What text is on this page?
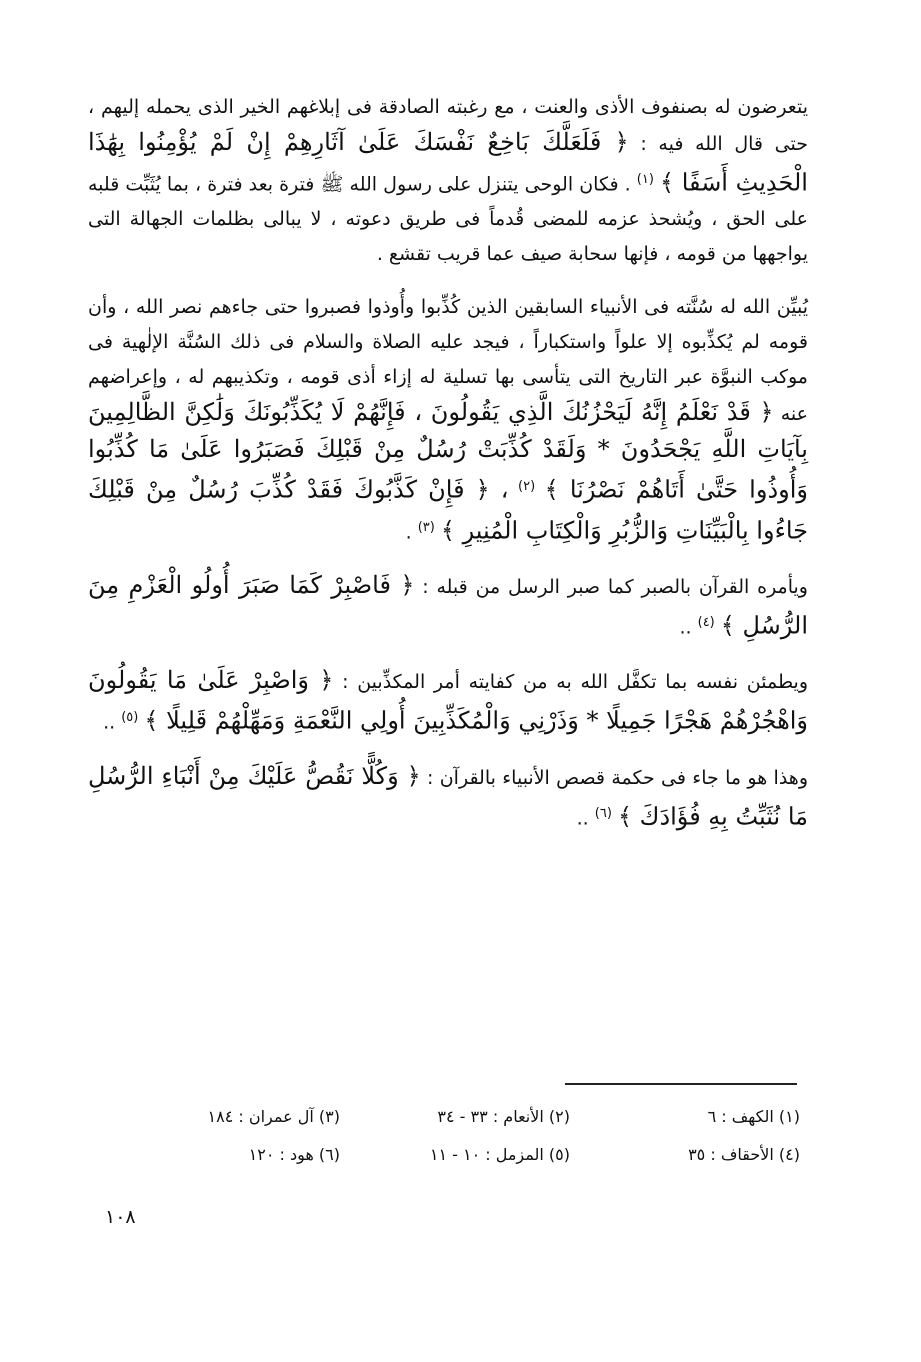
يتعرضون له بصنفوف الأذى والعنت ، مع رغبته الصادقة فى إبلاغهم الخير الذى يحمله إليهم ، حتى قال الله فيه : ﴿ فَلَعَلَّكَ بَاخِعٌ نَفْسَكَ عَلَىٰ آثَارِهِمْ إِنْ لَمْ يُؤْمِنُوا بِهَٰذَا الْحَدِيثِ أَسَفًا ﴾ $^{(١)}$ . فكان الوحى يتنزل على رسول الله ﷺ فترة بعد فترة ، بما يُثَبِّت قلبه على الحق ، ويُشحذ عزمه للمضى قُدماً فى طريق دعوته ، لا يبالى بظلمات الجهالة التى يواجهها من قومه ، فإنها سحابة صيف عما قريب تقشع .

يُبيِّن الله له سُنَّته فى الأنبياء السابقين الذين كُذِّبوا وأُوذوا فصبروا حتى جاءهم نصر الله ، وأن قومه لم يُكذِّبوه إلا علواً واستكباراً ، فيجد عليه الصلاة والسلام فى ذلك السُنَّة الإلٰهية فى موكب النبوَّة عبر التاريخ التى يتأسى بها تسلية له إزاء أذى قومه ، وتكذيبهم له ، وإعراضهم عنه ﴿ قَدْ نَعْلَمُ إِنَّهُ لَيَحْزُنُكَ الَّذِي يَقُولُونَ ، فَإِنَّهُمْ لَا يُكَذِّبُونَكَ وَلَٰكِنَّ الظَّالِمِينَ بِآيَاتِ اللَّهِ يَجْحَدُونَ * وَلَقَدْ كُذِّبَتْ رُسُلٌ مِنْ قَبْلِكَ فَصَبَرُوا عَلَىٰ مَا كُذِّبُوا وَأُوذُوا حَتَّىٰ أَتَاهُمْ نَصْرُنَا ﴾ $^{(٢)}$ ، ﴿ فَإِنْ كَذَّبُوكَ فَقَدْ كُذِّبَ رُسُلٌ مِنْ قَبْلِكَ جَاءُوا بِالْبَيِّنَاتِ وَالزُّبُرِ وَالْكِتَابِ الْمُنِيرِ ﴾ $^{(٣)}$ .

ويأمره القرآن بالصبر كما صبر الرسل من قبله : ﴿ فَاصْبِرْ كَمَا صَبَرَ أُولُو الْعَزْمِ مِنَ الرُّسُلِ ﴾ $^{(٤)}$ ..

ويطمئن نفسه بما تكفَّل الله به من كفايته أمر المكذِّبين : ﴿ وَاصْبِرْ عَلَىٰ مَا يَقُولُونَ وَاهْجُرْهُمْ هَجْرًا جَمِيلًا * وَذَرْنِي وَالْمُكَذِّبِينَ أُولِي النَّعْمَةِ وَمَهِّلْهُمْ قَلِيلًا ﴾ $^{(٥)}$ ..

وهذا هو ما جاء فى حكمة قصص الأنبياء بالقرآن : ﴿ وَكُلًّا نَقُصُّ عَلَيْكَ مِنْ أَنْبَاءِ الرُّسُلِ مَا نُثَبِّتُ بِهِ فُؤَادَكَ ﴾ $^{(٦)}$ ..

(١) الكهف : ٦
(٢) الأنعام : ٣٣ - ٣٤
(٣) آل عمران : ١٨٤
(٤) الأحقاف : ٣٥
(٥) المزمل : ١٠ - ١١
(٦) هود : ١٢٠
١٠٨
